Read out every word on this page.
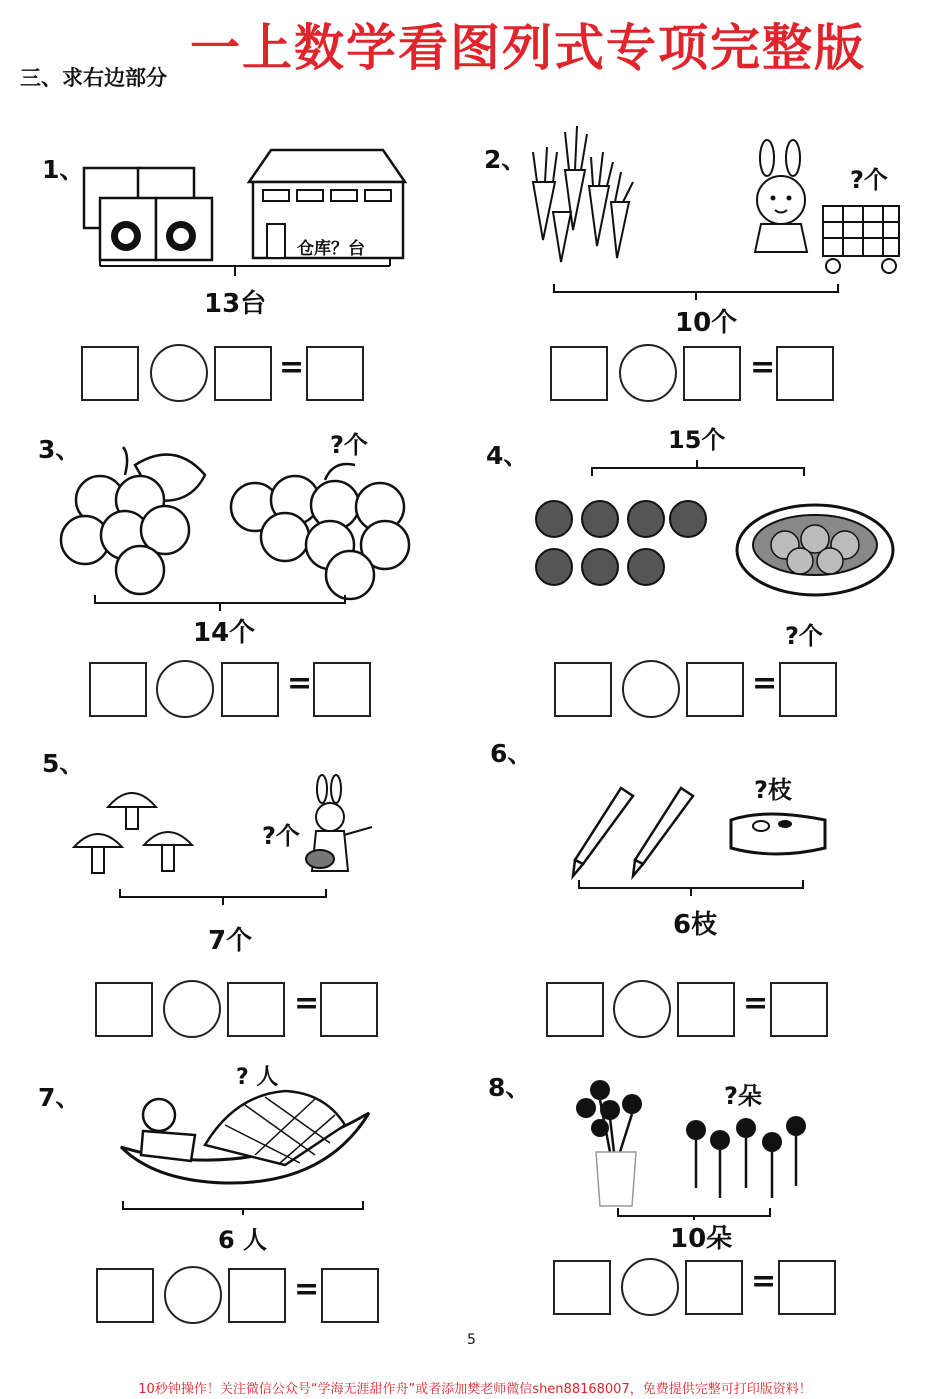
一上数学看图列式专项完整版
三、求右边部分
1、
仓库？台
13台
=
2、
?个
10个
=
3、	?个
14个
=
4、
15个
?个
=
5、
?个
7个
=
6、
?枝
6枝
=
7、
? 人
6 人
=
8、	?朵
10朵
=
5
10秒钟操作！关注微信公众号“学海无涯甜作舟”或者添加樊老师微信shen88168007，免费提供完整可打印版资料！
